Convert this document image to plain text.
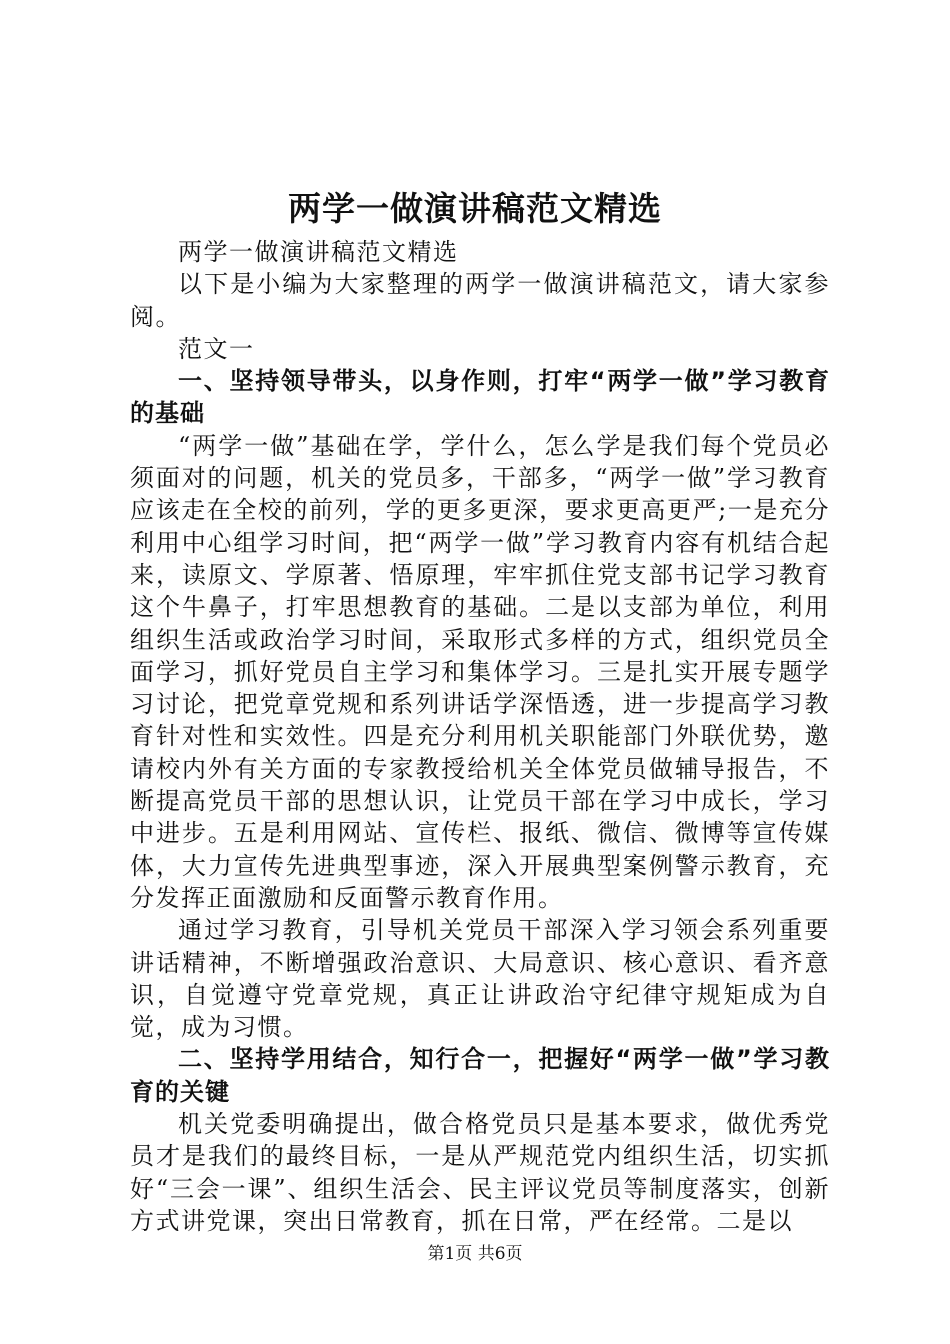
两学一做演讲稿范文精选

两学一做演讲稿范文精选

以下是小编为大家整理的两学一做演讲稿范文，请大家参阅。

范文一

一、坚持领导带头，以身作则，打牢“两学一做”学习教育的基础

“两学一做”基础在学，学什么，怎么学是我们每个党员必须面对的问题，机关的党员多，干部多，“两学一做”学习教育应该走在全校的前列，学的更多更深，要求更高更严;一是充分利用中心组学习时间，把“两学一做”学习教育内容有机结合起来，读原文、学原著、悟原理，牢牢抓住党支部书记学习教育这个牛鼻子，打牢思想教育的基础。二是以支部为单位，利用组织生活或政治学习时间，采取形式多样的方式，组织党员全面学习，抓好党员自主学习和集体学习。三是扎实开展专题学习讨论，把党章党规和系列讲话学深悟透，进一步提高学习教育针对性和实效性。四是充分利用机关职能部门外联优势，邀请校内外有关方面的专家教授给机关全体党员做辅导报告，不断提高党员干部的思想认识，让党员干部在学习中成长，学习中进步。五是利用网站、宣传栏、报纸、微信、微博等宣传媒体，大力宣传先进典型事迹，深入开展典型案例警示教育，充分发挥正面激励和反面警示教育作用。

通过学习教育，引导机关党员干部深入学习领会系列重要讲话精神，不断增强政治意识、大局意识、核心意识、看齐意识，自觉遵守党章党规，真正让讲政治守纪律守规矩成为自觉，成为习惯。

二、坚持学用结合，知行合一，把握好“两学一做”学习教育的关键

机关党委明确提出，做合格党员只是基本要求，做优秀党员才是我们的最终目标，一是从严规范党内组织生活，切实抓好“三会一课”、组织生活会、民主评议党员等制度落实，创新方式讲党课，突出日常教育，抓在日常，严在经常。二是以

第1页 共6页
